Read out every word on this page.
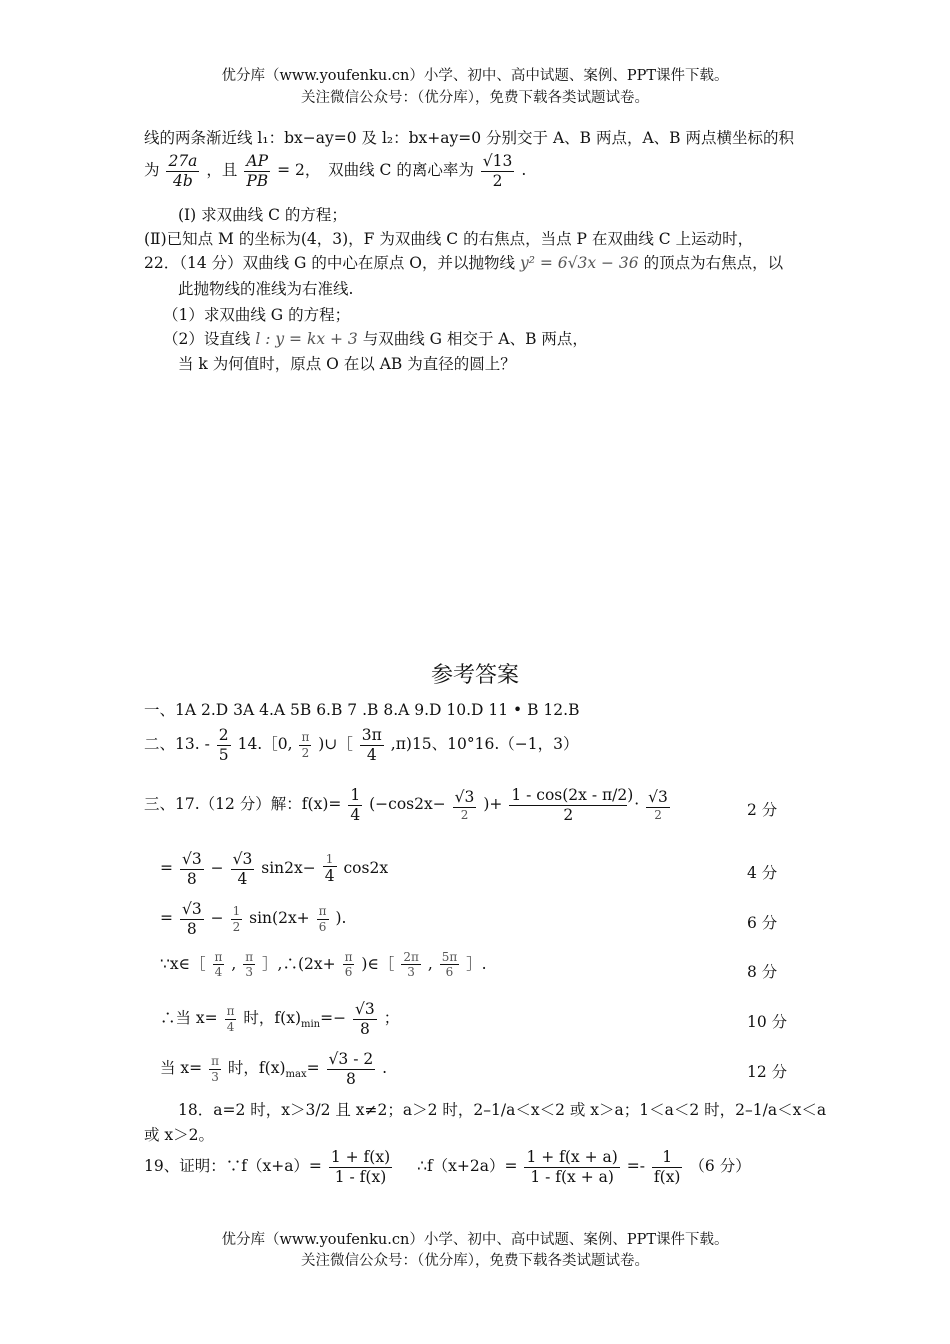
优分库（www.youfenku.cn）小学、初中、高中试题、案例、PPT课件下载。
关注微信公众号：（优分库），免费下载各类试题试卷。
线的两条渐近线 l₁：bx−ay=0 及 l₂：bx+ay=0 分别交于 A、B 两点，A、B 两点横坐标的积
为 $\frac{27a}{4b}$ ，且 $\frac{AP}{PB} = 2$，　双曲线 C 的离心率为 $\frac{√13}{2}$ .
(Ⅰ) 求双曲线 C 的方程；
(Ⅱ)已知点 M 的坐标为(4，3)，F 为双曲线 C 的右焦点，当点 P 在双曲线 C 上运动时，
22．（14 分）双曲线 G 的中心在原点 O，并以抛物线 y² = 6√3x − 36 的顶点为右焦点，以
此抛物线的准线为右准线.
（1）求双曲线 G 的方程；
（2）设直线 l : y = kx + 3 与双曲线 G 相交于 A、B 两点，
当 k 为何值时，原点 O 在以 AB 为直径的圆上？
参考答案
一、1A 2.D 3A 4.A 5B 6.B 7 .B 8.A 9.D 10.D 11 • B 12.B
二、13. - $\frac{2}{5}$ 14.［0, $\frac{\pi}{2}$ )∪［ $\frac{3\pi}{4} ,\pi)15$、10°16.（−1，3）
三、17.（12 分）解：$f(x)= \frac{1}{4} (-\cos 2x- \frac{√3}{2}$ )+ $\frac{1 - \cos(2x - \pi/2)}{2} \cdot \frac{√3}{2}$	2 分
= $\frac{√3}{8} - \frac{√3}{4} \sin 2x- \frac{1}{4} \cos 2x$	4 分
= $\frac{√3}{8} - \frac{1}{2} \sin(2x+ \frac{\pi}{6}$ ).	6 分
∵x∈［ $\frac{\pi}{4}$ , $\frac{\pi}{3}$ ］,∴(2x+ $\frac{\pi}{6}$ )∈［ $\frac{2\pi}{3}$ , $\frac{5\pi}{6}$ ］.	8 分
∴当 $x= \frac{\pi}{4}$ 时，$f(x)_{min}=- \frac{√3}{8}$ ；	10 分
当 $x= \frac{\pi}{3}$ 时，$f(x)_{max}= \frac{√3 - 2}{8}$ .	12 分
18．a=2 时，x＞3/2 且 x≠2；a＞2 时，2–1/a＜x＜2 或 x＞a；1＜a＜2 时，2–1/a＜x＜a
或 x＞2。
19、证明：∵f（x+a）= $\frac{1 + f(x)}{1 - f(x)}$ ∴f（x+2a）= $\frac{1 + f(x + a)}{1 - f(x + a)} =- \frac{1}{f(x)} (6$ 分）
优分库（www.youfenku.cn）小学、初中、高中试题、案例、PPT课件下载。
关注微信公众号：（优分库），免费下载各类试题试卷。
